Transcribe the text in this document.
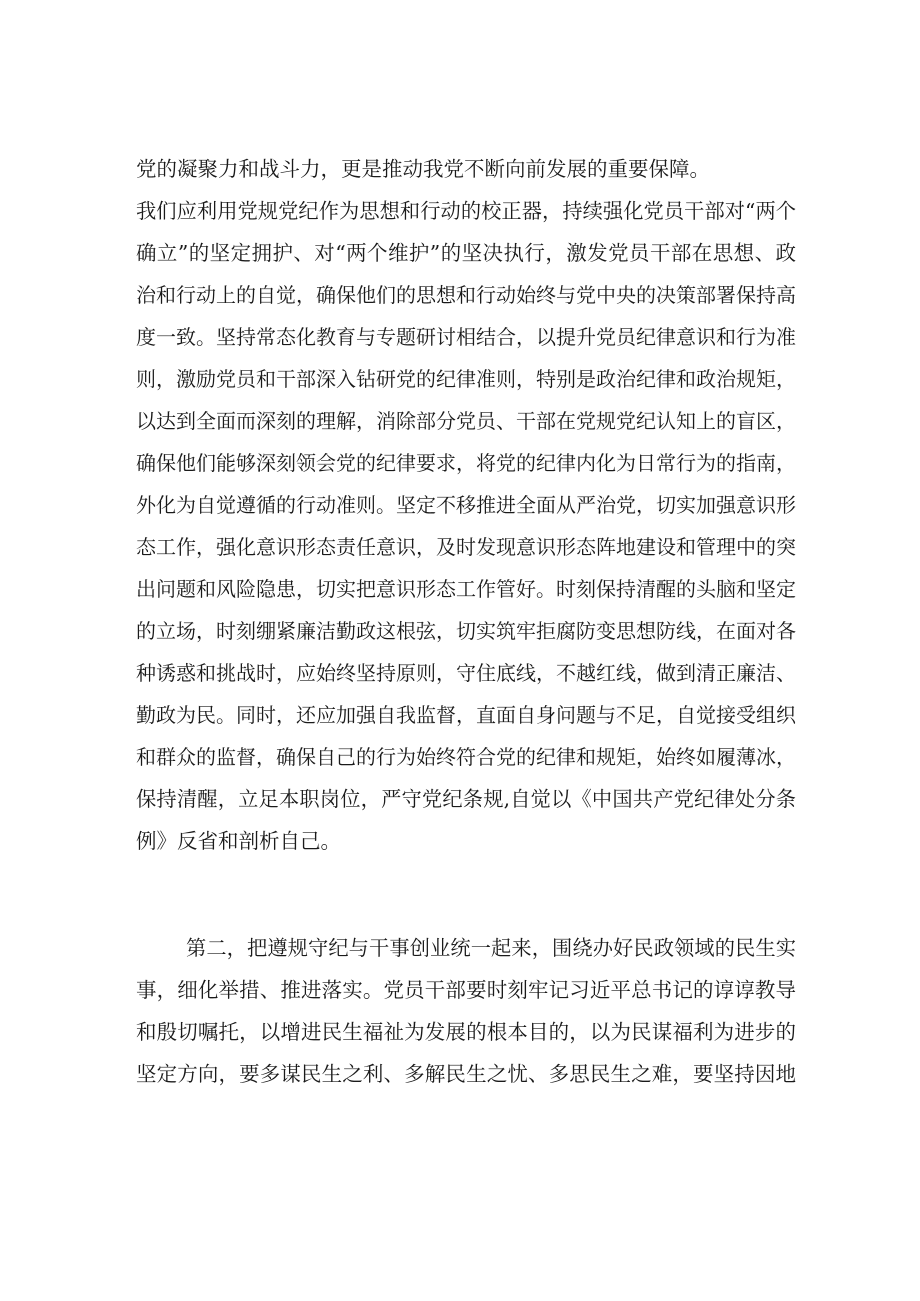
党的凝聚力和战斗力，更是推动我党不断向前发展的重要保障。
我们应利用党规党纪作为思想和行动的校正器，持续强化党员干部对“两个
确立”的坚定拥护、对“两个维护”的坚决执行，激发党员干部在思想、政
治和行动上的自觉，确保他们的思想和行动始终与党中央的决策部署保持高
度一致。坚持常态化教育与专题研讨相结合，以提升党员纪律意识和行为准
则，激励党员和干部深入钻研党的纪律准则，特别是政治纪律和政治规矩，
以达到全面而深刻的理解，消除部分党员、干部在党规党纪认知上的盲区，
确保他们能够深刻领会党的纪律要求，将党的纪律内化为日常行为的指南，
外化为自觉遵循的行动准则。坚定不移推进全面从严治党，切实加强意识形
态工作，强化意识形态责任意识，及时发现意识形态阵地建设和管理中的突
出问题和风险隐患，切实把意识形态工作管好。时刻保持清醒的头脑和坚定
的立场，时刻绷紧廉洁勤政这根弦，切实筑牢拒腐防变思想防线，在面对各
种诱惑和挑战时，应始终坚持原则，守住底线，不越红线，做到清正廉洁、
勤政为民。同时，还应加强自我监督，直面自身问题与不足，自觉接受组织
和群众的监督，确保自己的行为始终符合党的纪律和规矩，始终如履薄冰，
保持清醒，立足本职岗位，严守党纪条规,自觉以《中国共产党纪律处分条
例》反省和剖析自己。
第二，把遵规守纪与干事创业统一起来，围绕办好民政领域的民生实
事，细化举措、推进落实。党员干部要时刻牢记习近平总书记的谆谆教导
和殷切嘱托，以增进民生福祉为发展的根本目的，以为民谋福利为进步的
坚定方向，要多谋民生之利、多解民生之忧、多思民生之难，要坚持因地
